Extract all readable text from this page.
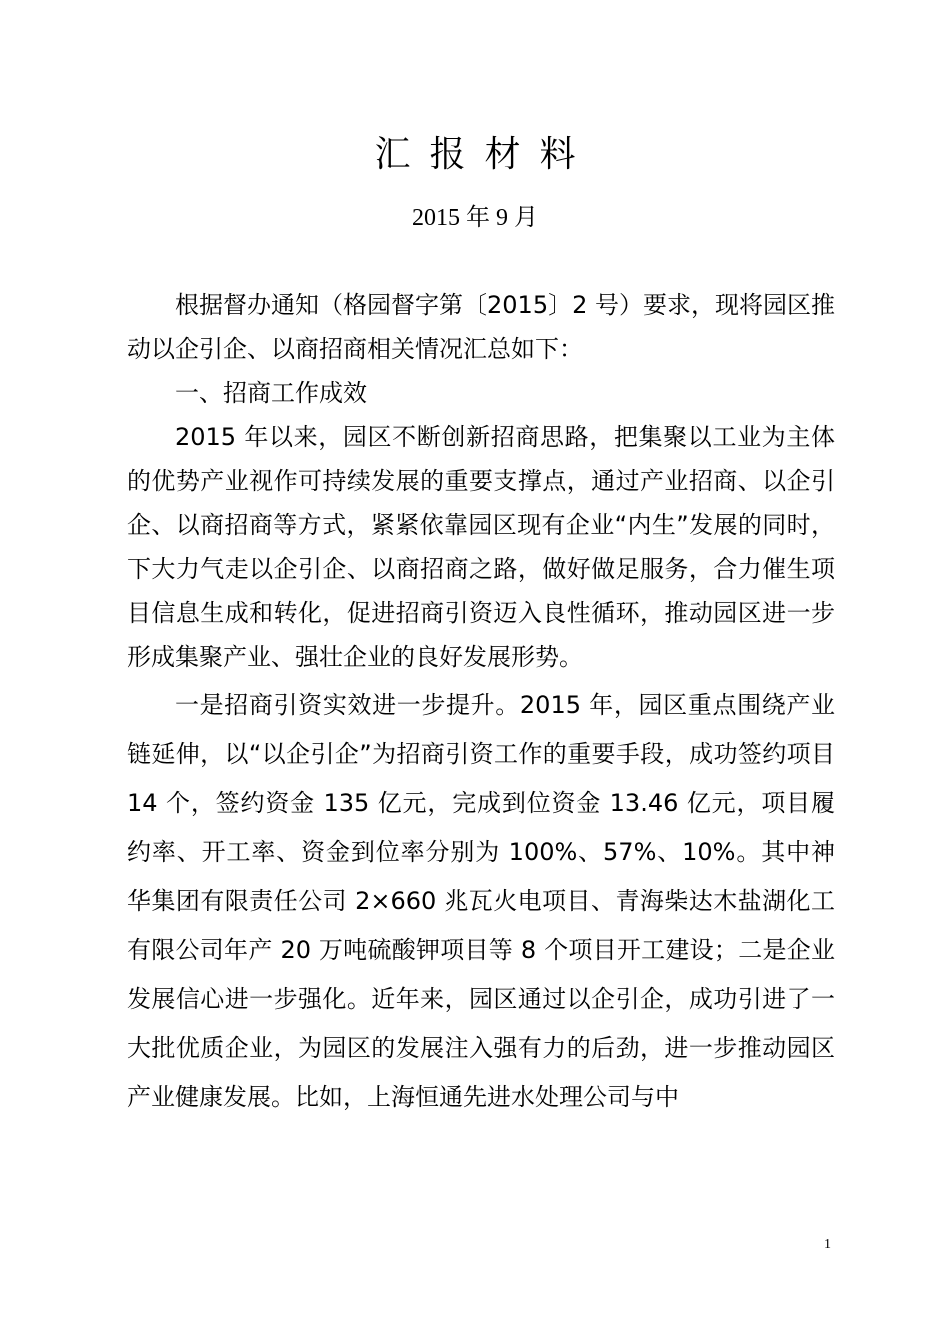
汇报材料
2015 年 9 月

根据督办通知（格园督字第〔2015〕2 号）要求，现将园区推动以企引企、以商招商相关情况汇总如下：

一、招商工作成效

2015 年以来，园区不断创新招商思路，把集聚以工业为主体的优势产业视作可持续发展的重要支撑点，通过产业招商、以企引企、以商招商等方式，紧紧依靠园区现有企业“内生”发展的同时，下大力气走以企引企、以商招商之路，做好做足服务，合力催生项目信息生成和转化，促进招商引资迈入良性循环，推动园区进一步形成集聚产业、强壮企业的良好发展形势。

一是招商引资实效进一步提升。2015 年，园区重点围绕产业链延伸，以“以企引企”为招商引资工作的重要手段，成功签约项目 14 个，签约资金 135 亿元，完成到位资金 13.46 亿元，项目履约率、开工率、资金到位率分别为 100%、57%、10%。其中神华集团有限责任公司 2×660 兆瓦火电项目、青海柴达木盐湖化工有限公司年产 20 万吨硫酸钾项目等 8 个项目开工建设；二是企业发展信心进一步强化。近年来，园区通过以企引企，成功引进了一大批优质企业，为园区的发展注入强有力的后劲，进一步推动园区产业健康发展。比如，上海恒通先进水处理公司与中

1
